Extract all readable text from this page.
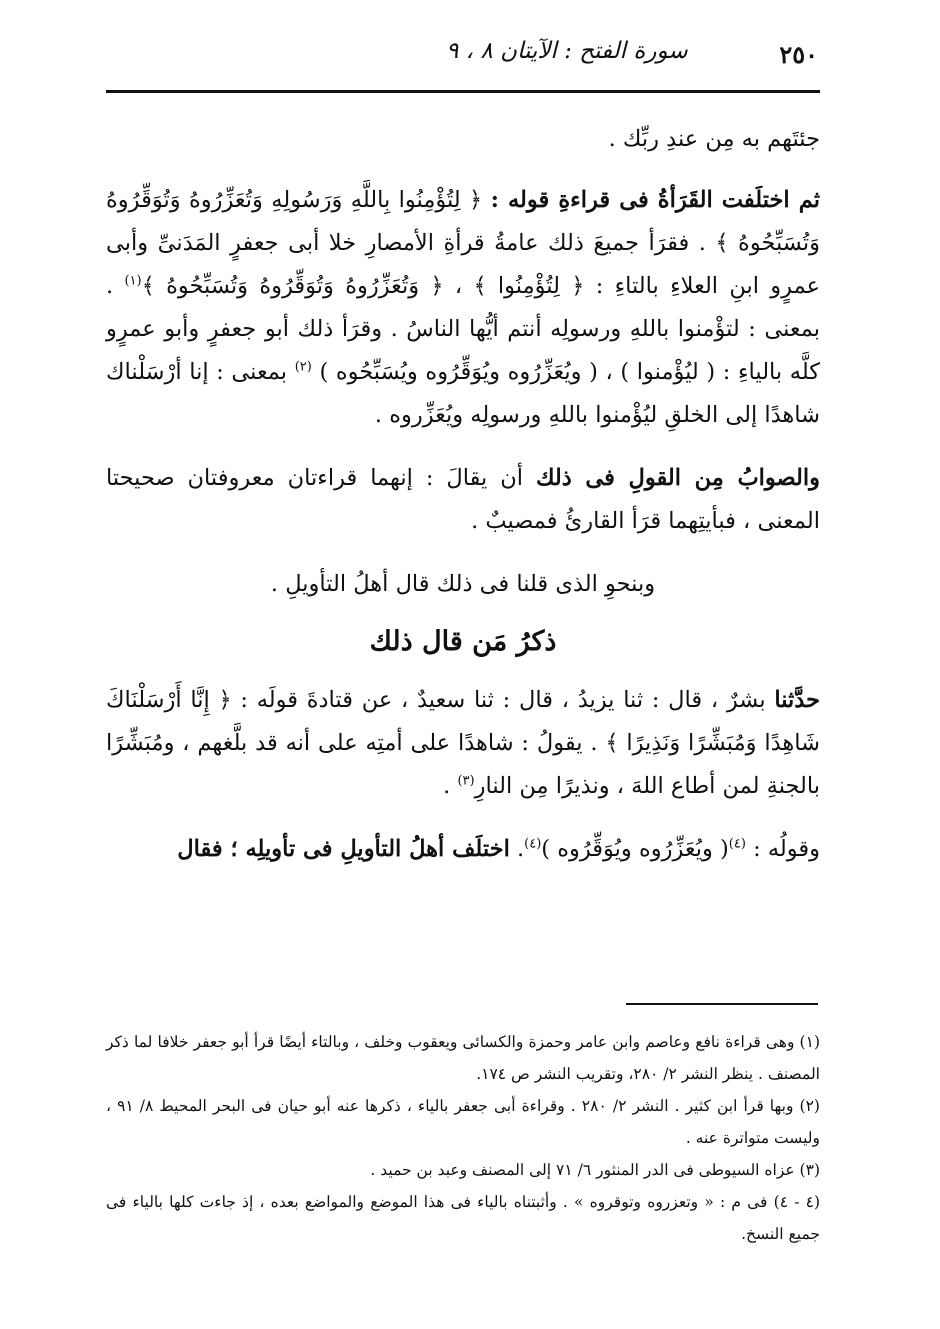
٢٥٠
سورة الفتح : الآيتان ٨ ، ٩

جئتَهم به مِن عندِ ربِّك .

ثم اختلَفت القَرَأةُ فى قراءةِ قوله : ﴿ لِتُؤْمِنُوا بِاللَّهِ وَرَسُولِهِ وَتُعَزِّرُوهُ وَتُوَقِّرُوهُ وَتُسَبِّحُوهُ ﴾ . فقرَأ جميعَ ذلك عامةُ قرأةِ الأمصارِ خلا أبى جعفرٍ المَدَنىِّ وأبى عمرٍو ابنِ العلاءِ بالتاءِ : ﴿ لِتُؤْمِنُوا ﴾ ، ﴿ وَتُعَزِّرُوهُ وَتُوَقِّرُوهُ وَتُسَبِّحُوهُ ﴾$^{(١)}$ . بمعنى : لتؤْمنوا باللهِ ورسولِه أنتم أيُّها الناسُ . وقرَأ ذلك أبو جعفرٍ وأبو عمرٍو كلَّه بالياءِ : ( ليُؤْمنوا ) ، ( ويُعَزِّرُوه ويُوَقِّرُوه ويُسَبِّحُوه ) $^{(٢)}$ بمعنى : إنا أرْسَلْناك شاهدًا إلى الخلقِ ليُؤْمنوا باللهِ ورسولِه ويُعَزِّروه .

والصوابُ مِن القولِ فى ذلك أن يقالَ : إنهما قراءتان معروفتان صحيحتا المعنى ، فبأيتِهما قرَأ القارئُ فمصيبٌ .

وبنحوِ الذى قلنا فى ذلك قال أهلُ التأويلِ .

ذكرُ مَن قال ذلك

حدَّثنا بشرٌ ، قال : ثنا يزيدُ ، قال : ثنا سعيدٌ ، عن قتادةَ قولَه : ﴿ إِنَّا أَرْسَلْنَاكَ شَاهِدًا وَمُبَشِّرًا وَنَذِيرًا ﴾ . يقولُ : شاهدًا على أمتِه على أنه قد بلَّغهم ، ومُبَشِّرًا بالجنةِ لمن أطاع اللهَ ، ونذيرًا مِن النارِ$^{(٣)}$ .

وقولُه : $^{(٤)}$( ويُعَزِّرُوه ويُوَقِّرُوه )$^{(٤)}$. اختلَف أهلُ التأويلِ فى تأويلِه ؛ فقال

(١) وهى قراءة نافع وعاصم وابن عامر وحمزة والكسائى ويعقوب وخلف ، وبالتاء أيضًا قرأ أبو جعفر خلافا لما ذكر المصنف . ينظر النشر ٢/ ٢٨٠، وتقريب النشر ص ١٧٤.

(٢) وبها قرأ ابن كثير . النشر ٢/ ٢٨٠ . وقراءة أبى جعفر بالياء ، ذكرها عنه أبو حيان فى البحر المحيط ٨/ ٩١ ، وليست متواترة عنه .

(٣) عزاه السيوطى فى الدر المنثور ٦/ ٧١ إلى المصنف وعبد بن حميد .

(٤ - ٤) فى م : « وتعزروه وتوقروه » . وأثبتناه بالياء فى هذا الموضع والمواضع بعده ، إذ جاءت كلها بالياء فى جميع النسخ.
